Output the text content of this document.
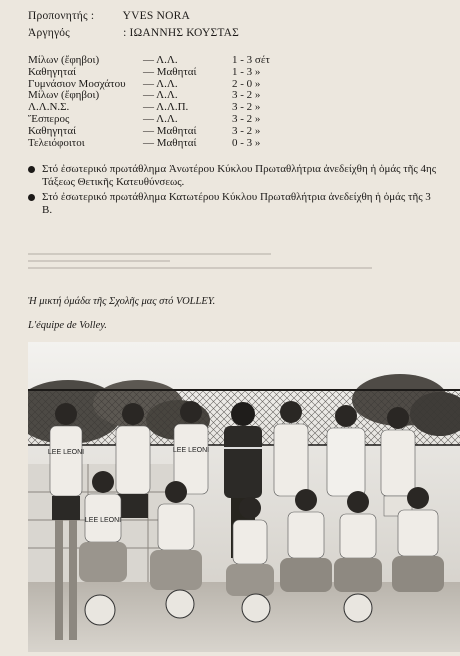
Προπονητής : YVES NORA
Ἀργηγός	: ΙΩΑΝΝΗΣ ΚΟΥΣΤΑΣ
Μίλων (ἔφηβοι)	— Λ.Λ.	1 - 3 σέτ
Καθηγηταί	— Μαθηταί	1 - 3 »
Γυμνάσιον Μοσχάτου — Λ.Λ.	2 - 0 »
Μίλων (ἔφηβοι)	— Λ.Λ.	3 - 2 »
Λ.Λ.Ν.Σ.	— Λ.Λ.Π.	3 - 2 »
Ἕσπερος	— Λ.Λ.	3 - 2 »
Καθηγηταί	— Μαθηταί	3 - 2 »
Τελειόφοιτοι	— Μαθηταί	0 - 3 »
Στό ἐσωτερικό πρωτάθλημα Ἀνωτέρου Κύκλου Πρωταθλήτρια ἀνεδείχθη ἡ ὁμάς τῆς 4ης Τάξεως Θετικῆς Κατευθύνσεως.
Στό ἐσωτερικό πρωτάθλημα Κατωτέρου Κύκλου Πρωταθλήτρια ἀνεδείχθη ἡ ὁμάς τῆς 3 Β.
Ἡ μικτή ὁμάδα τῆς Σχολῆς μας στό VOLLEY.
L'équipe de Volley.
LEE LEONI	LEE LEONI
LEE LEONI
